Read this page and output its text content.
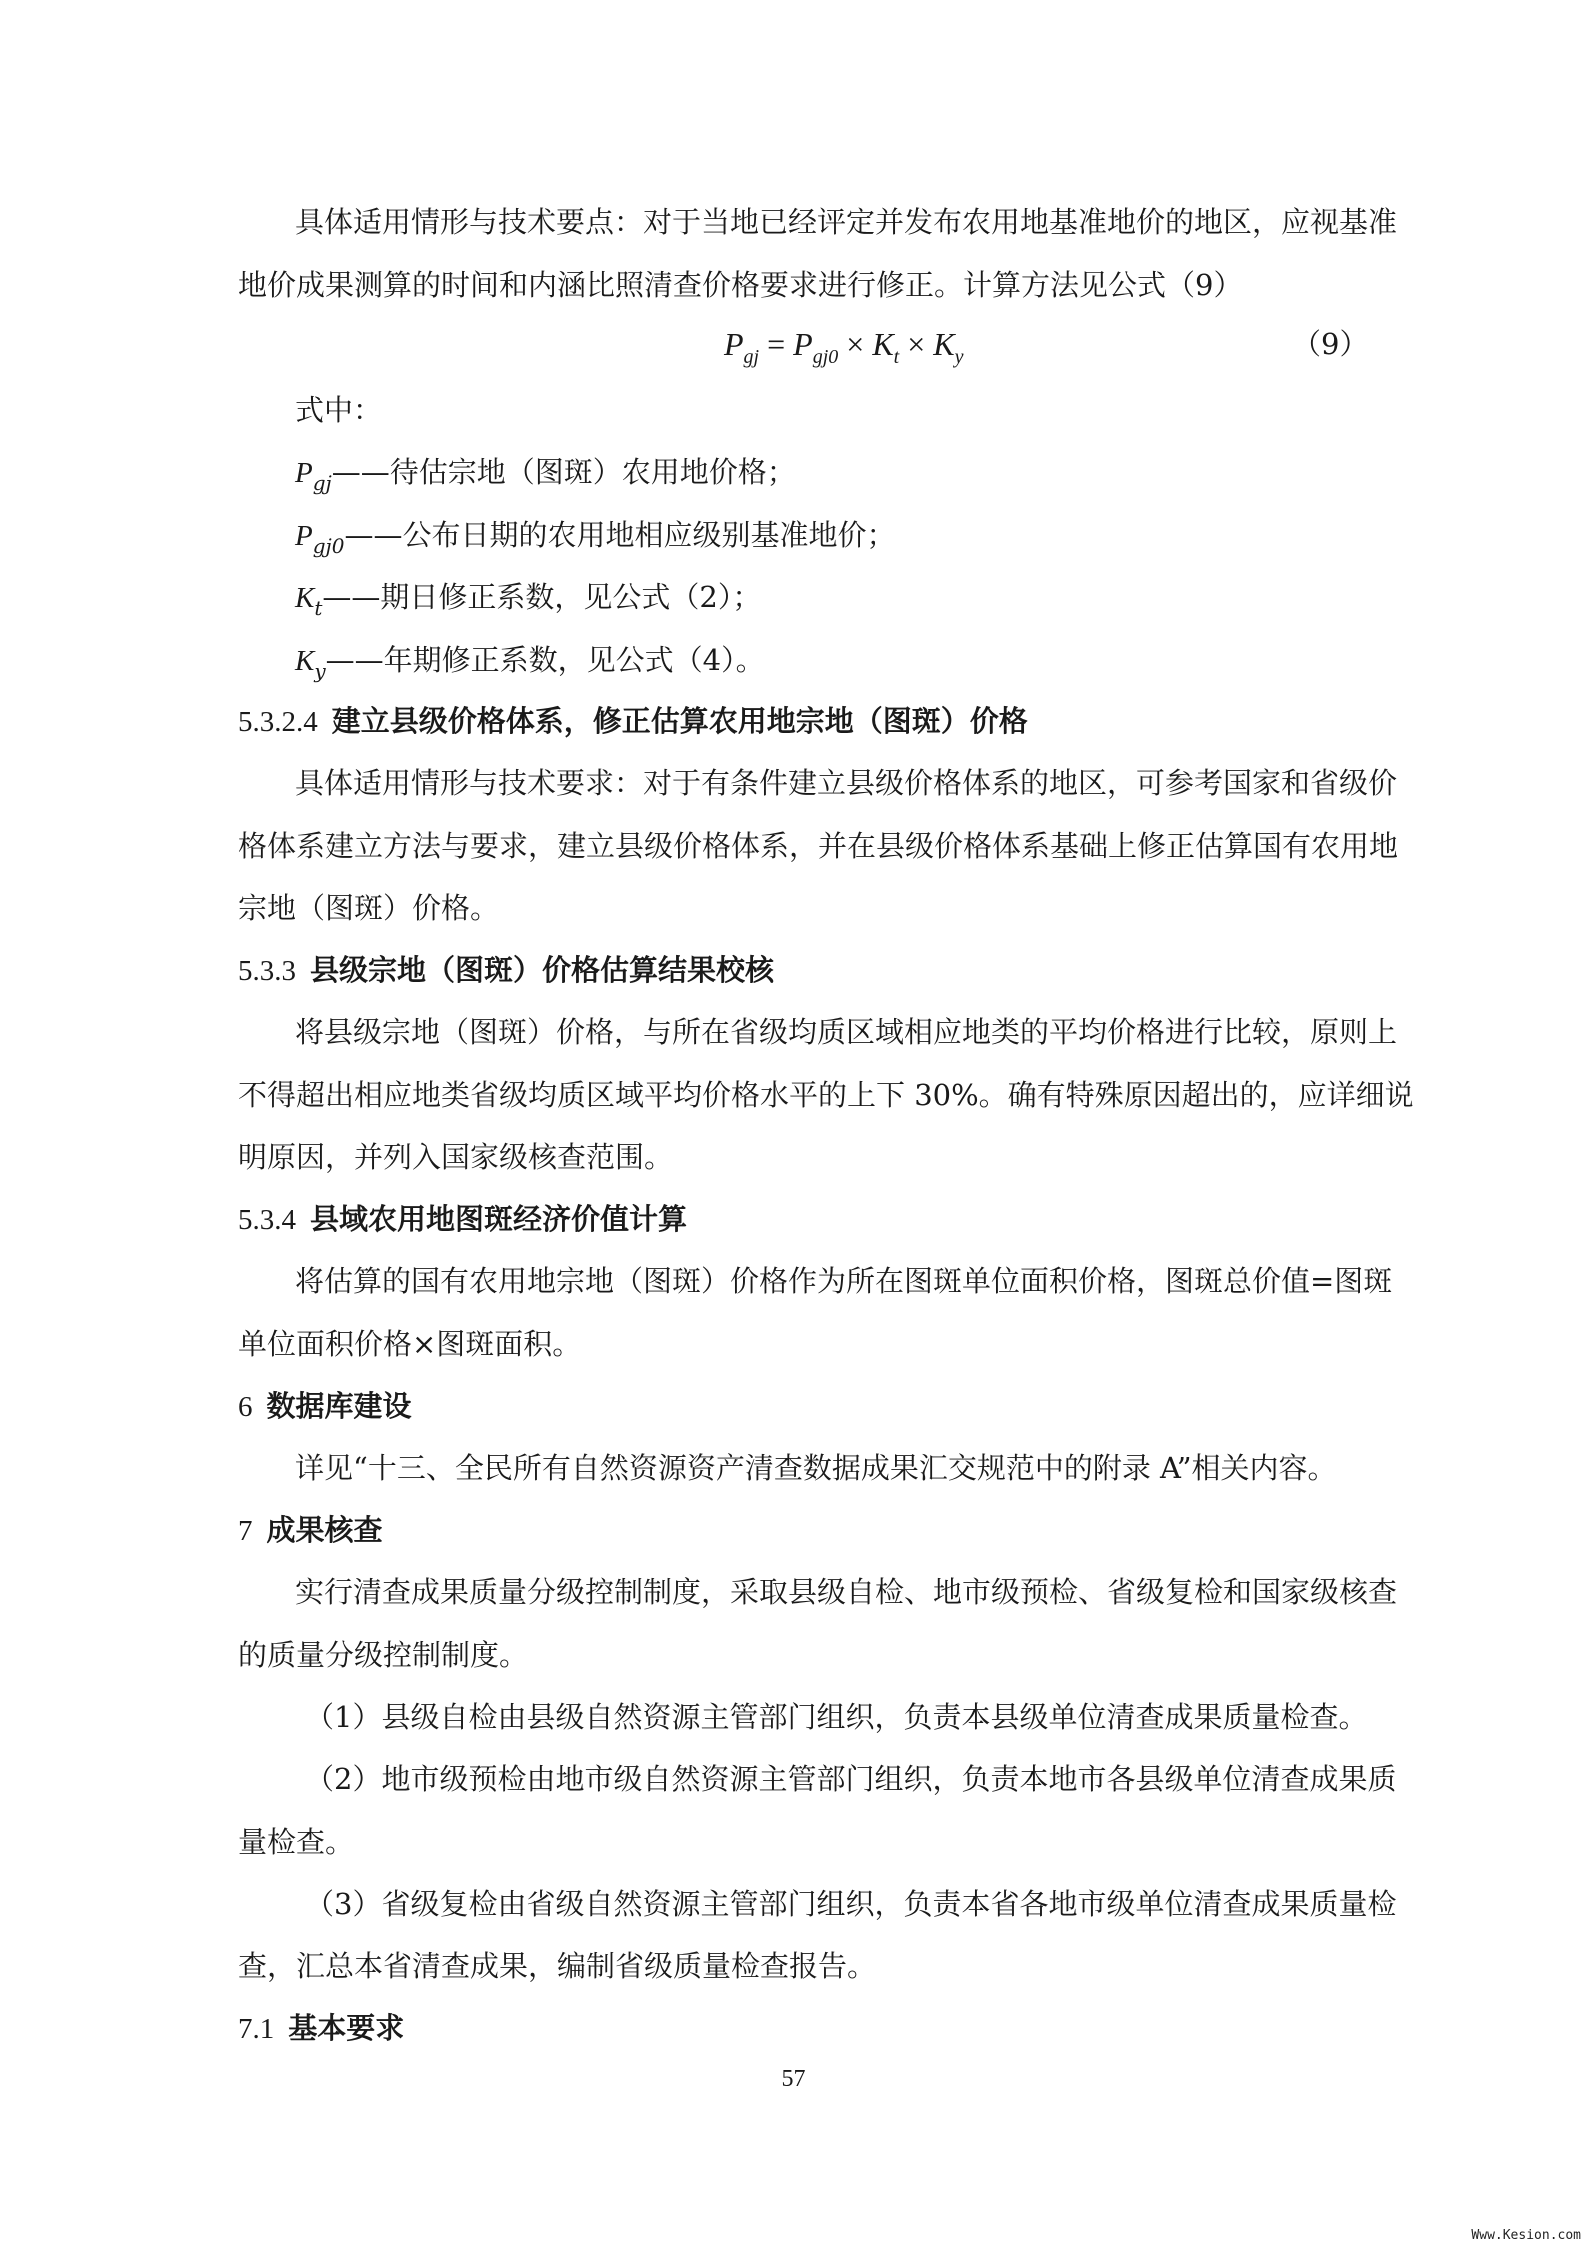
具体适用情形与技术要点：对于当地已经评定并发布农用地基准地价的地区，应视基准
地价成果测算的时间和内涵比照清查价格要求进行修正。计算方法见公式（9）
$P_{gj} = P_{gj0} \times K_t \times K_y$	（9）
式中：
$P_{gj}——$待估宗地（图斑）农用地价格；
$P_{gj0}——$公布日期的农用地相应级别基准地价；
$K_t——$期日修正系数，见公式（2）；
$K_y——$年期修正系数，见公式（4）。
5.3.2.4 建立县级价格体系，修正估算农用地宗地（图斑）价格
具体适用情形与技术要求：对于有条件建立县级价格体系的地区，可参考国家和省级价
格体系建立方法与要求，建立县级价格体系，并在县级价格体系基础上修正估算国有农用地
宗地（图斑）价格。
5.3.3 县级宗地（图斑）价格估算结果校核
将县级宗地（图斑）价格，与所在省级均质区域相应地类的平均价格进行比较，原则上
不得超出相应地类省级均质区域平均价格水平的上下 30%。确有特殊原因超出的，应详细说
明原因，并列入国家级核查范围。
5.3.4 县域农用地图斑经济价值计算
将估算的国有农用地宗地（图斑）价格作为所在图斑单位面积价格，图斑总价值=图斑
单位面积价格×图斑面积。
6 数据库建设
详见“十三、全民所有自然资源资产清查数据成果汇交规范中的附录 A”相关内容。
7 成果核查
实行清查成果质量分级控制制度，采取县级自检、地市级预检、省级复检和国家级核查
的质量分级控制制度。
（1）县级自检由县级自然资源主管部门组织，负责本县级单位清查成果质量检查。
（2）地市级预检由地市级自然资源主管部门组织，负责本地市各县级单位清查成果质
量检查。
（3）省级复检由省级自然资源主管部门组织，负责本省各地市级单位清查成果质量检
查，汇总本省清查成果，编制省级质量检查报告。
7.1 基本要求
57
Www.Kesion.com
